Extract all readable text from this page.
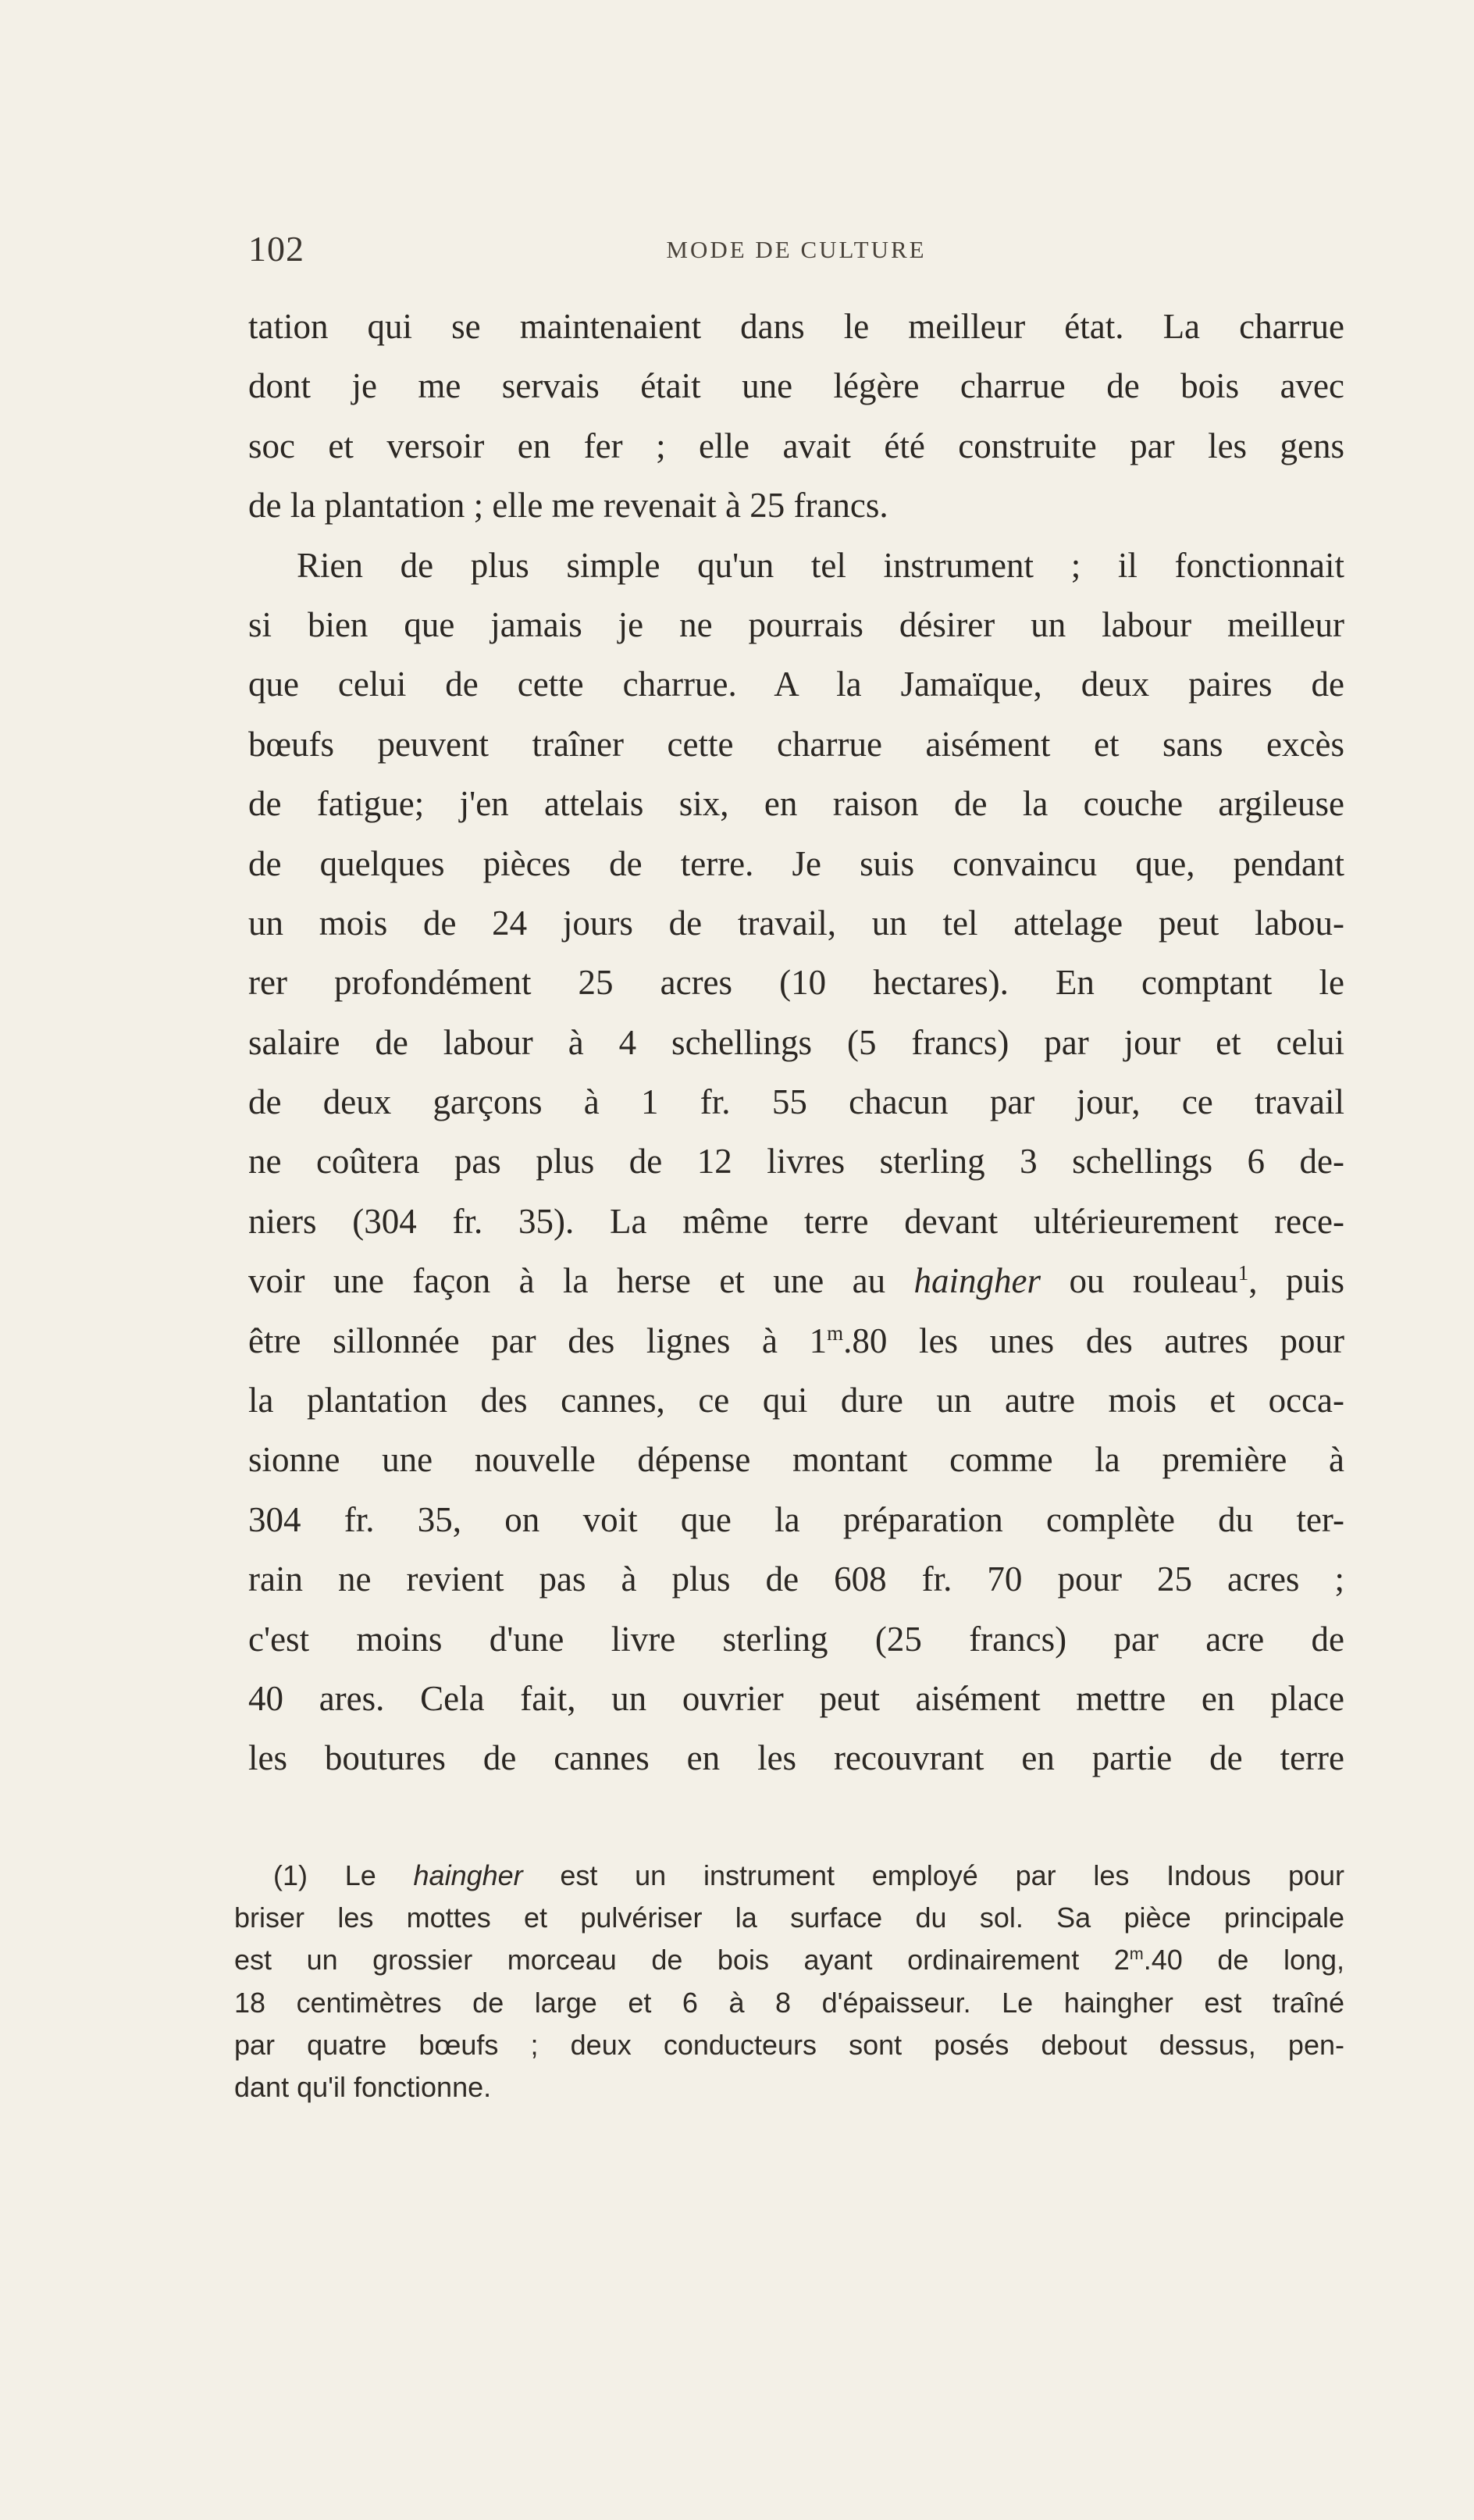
102	MODE DE CULTURE
tation qui se maintenaient dans le meilleur état. La charrue
dont je me servais était une légère charrue de bois avec
soc et versoir en fer ; elle avait été construite par les gens
de la plantation ; elle me revenait à 25 francs.
Rien de plus simple qu'un tel instrument ; il fonctionnait
si bien que jamais je ne pourrais désirer un labour meilleur
que celui de cette charrue. A la Jamaïque, deux paires de
bœufs peuvent traîner cette charrue aisément et sans excès
de fatigue; j'en attelais six, en raison de la couche argileuse
de quelques pièces de terre. Je suis convaincu que, pendant
un mois de 24 jours de travail, un tel attelage peut labou-
rer profondément 25 acres (10 hectares). En comptant le
salaire de labour à 4 schellings (5 francs) par jour et celui
de deux garçons à 1 fr. 55 chacun par jour, ce travail
ne coûtera pas plus de 12 livres sterling 3 schellings 6 de-
niers (304 fr. 35). La même terre devant ultérieurement rece-
voir une façon à la herse et une au haingher ou rouleau$^1$, puis
être sillonnée par des lignes à 1$^m$.80 les unes des autres pour
la plantation des cannes, ce qui dure un autre mois et occa-
sionne une nouvelle dépense montant comme la première à
304 fr. 35, on voit que la préparation complète du ter-
rain ne revient pas à plus de 608 fr. 70 pour 25 acres ;
c'est moins d'une livre sterling (25 francs) par acre de
40 ares. Cela fait, un ouvrier peut aisément mettre en place
les boutures de cannes en les recouvrant en partie de terre
(1) Le haingher est un instrument employé par les Indous pour
briser les mottes et pulvériser la surface du sol. Sa pièce principale
est un grossier morceau de bois ayant ordinairement 2$^m$.40 de long,
18 centimètres de large et 6 à 8 d'épaisseur. Le haingher est traîné
par quatre bœufs ; deux conducteurs sont posés debout dessus, pen-
dant qu'il fonctionne.
